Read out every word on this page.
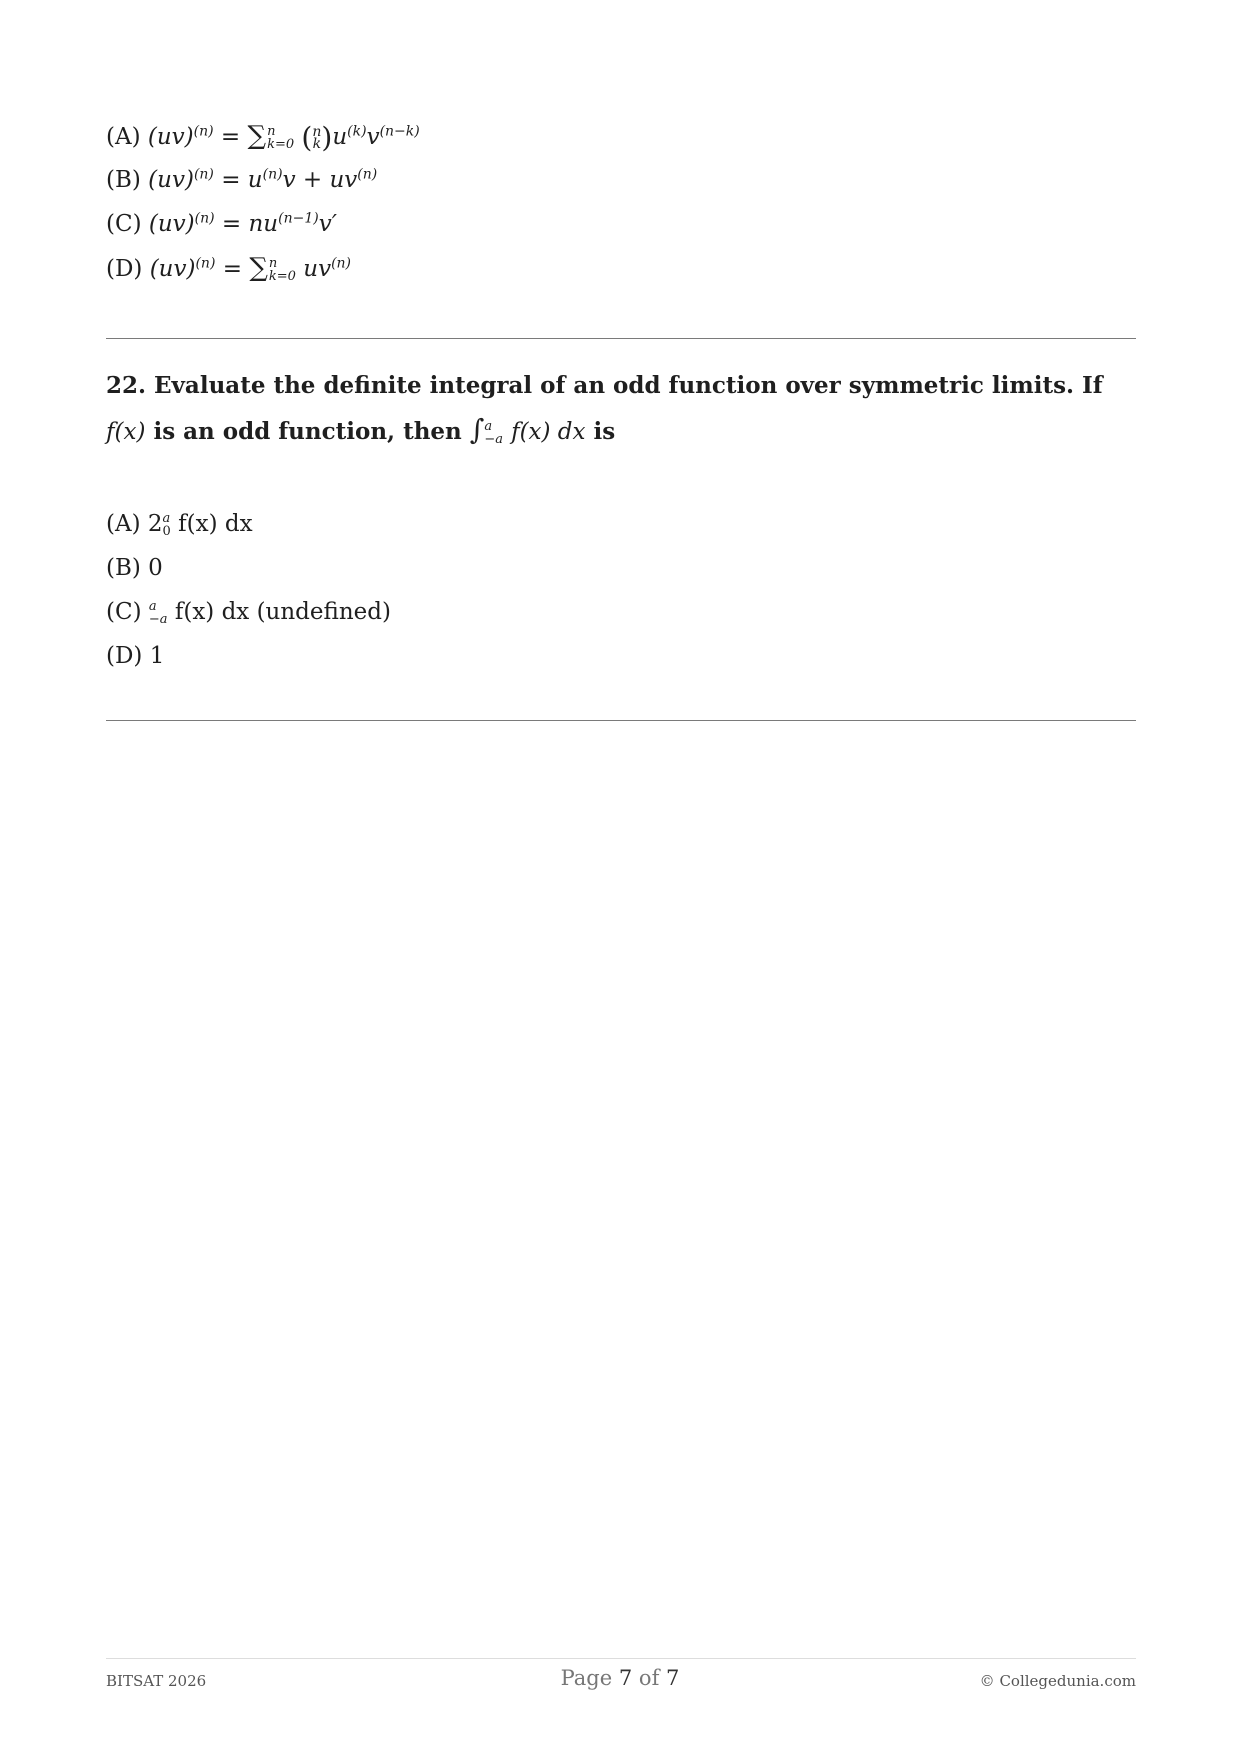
(A) (uv)$^{(n)}$ = ∑ n
k=0 ( n
k )$u^{(k)}v^{(n-k)}$
(B) $(uv)^{(n)} = u^{(n)}v + uv^{(n)}$
(C) $(uv)^{(n)} = nu^{(n-1)}v'$
(D) (uv)$^{(n)}$ = ∑ n
k=0 $uv^{(n)}$
22. Evaluate the definite integral of an odd function over symmetric limits. If f(x) is an odd function, then ∫ a
−a f(x) dx is
(A) 2 a
0 f(x) dx
(B) 0
(C) a
−a f(x) dx (undefined)
(D) 1
BITSAT 2026	Page 7 of 7	© Collegedunia.com
